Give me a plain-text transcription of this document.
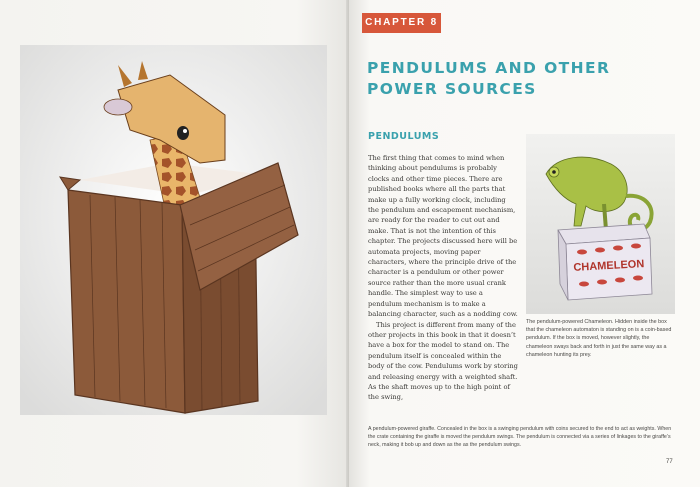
CHAPTER 8
PENDULUMS AND OTHER
POWER SOURCES
PENDULUMS

The first thing that comes to mind when thinking about pendulums is probably clocks and other time pieces. There are published books where all the parts that make up a fully working clock, including the pendulum and escapement mechanism, are ready for the reader to cut out and make. That is not the intention of this chapter. The projects discussed here will be automata projects, moving paper characters, where the principle drive of the character is a pendulum or other power source rather than the more usual crank handle. The simplest way to use a pendulum mechanism is to make a balancing character, such as a nodding cow.

This project is different from many of the other projects in this book in that it doesn’t have a box for the model to stand on. The pendulum itself is concealed within the body of the cow. Pendulums work by storing and releasing energy with a weighted shaft. As the shaft moves up to the high point of the swing,

CHAMELEON

The pendulum-powered Chameleon. Hidden inside the box that the chameleon automaton is standing on is a coin-based pendulum. If the box is moved, however slightly, the chameleon sways back and forth in just the same way as a chameleon hunting its prey.

A pendulum-powered giraffe. Concealed in the box is a swinging pendulum with coins secured to the end to act as weights. When the crate containing the giraffe is moved the pendulum swings. The pendulum is connected via a series of linkages to the giraffe’s neck, making it bob up and down as the as the pendulum swings.

77
